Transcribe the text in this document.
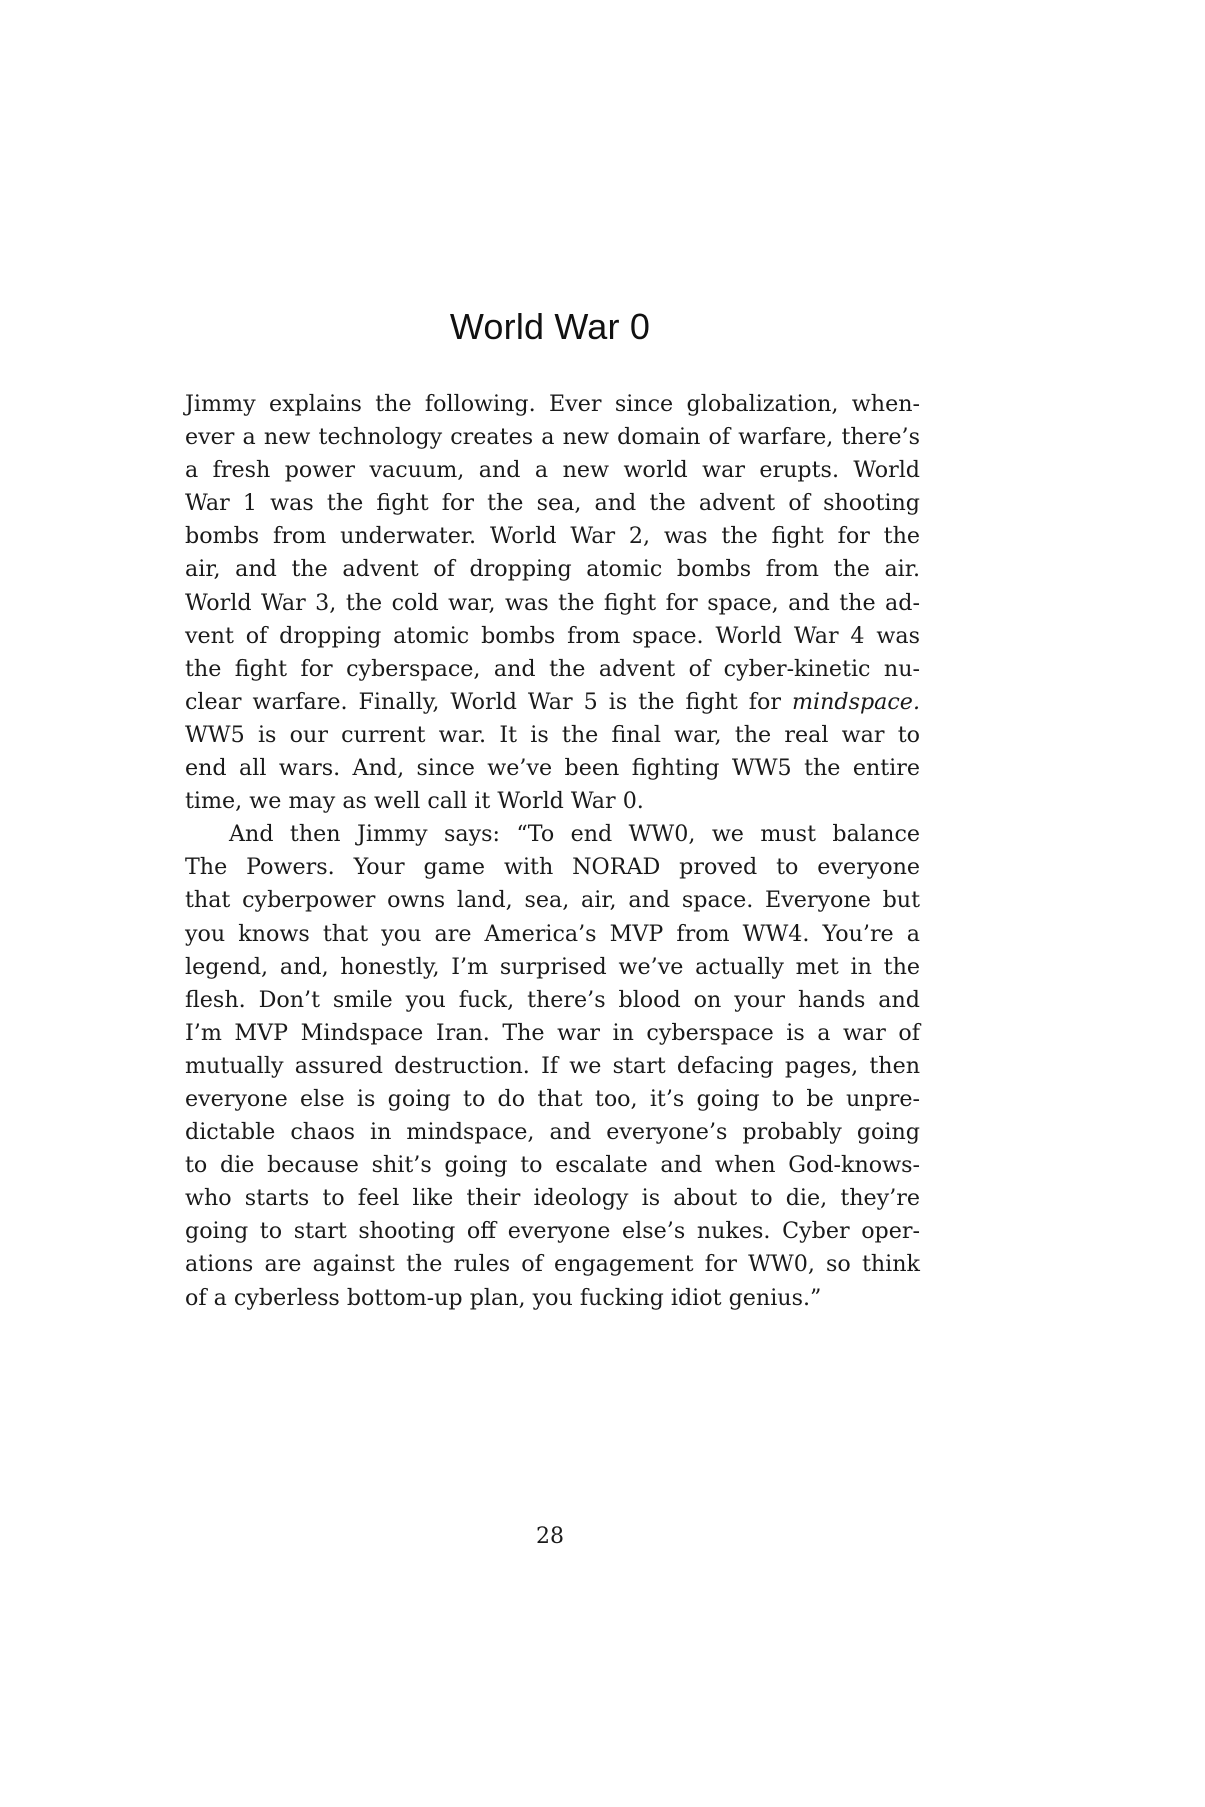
World War 0

Jimmy explains the following. Ever since globalization, when-
ever a new technology creates a new domain of warfare, there’s
a fresh power vacuum, and a new world war erupts. World
War 1 was the fight for the sea, and the advent of shooting
bombs from underwater. World War 2, was the fight for the
air, and the advent of dropping atomic bombs from the air.
World War 3, the cold war, was the fight for space, and the ad-
vent of dropping atomic bombs from space. World War 4 was
the fight for cyberspace, and the advent of cyber-kinetic nu-
clear warfare. Finally, World War 5 is the fight for mindspace.
WW5 is our current war. It is the final war, the real war to
end all wars. And, since we’ve been fighting WW5 the entire
time, we may as well call it World War 0.

And then Jimmy says: “To end WW0, we must balance
The Powers. Your game with NORAD proved to everyone
that cyberpower owns land, sea, air, and space. Everyone but
you knows that you are America’s MVP from WW4. You’re a
legend, and, honestly, I’m surprised we’ve actually met in the
flesh. Don’t smile you fuck, there’s blood on your hands and
I’m MVP Mindspace Iran. The war in cyberspace is a war of
mutually assured destruction. If we start defacing pages, then
everyone else is going to do that too, it’s going to be unpre-
dictable chaos in mindspace, and everyone’s probably going
to die because shit’s going to escalate and when God-knows-
who starts to feel like their ideology is about to die, they’re
going to start shooting off everyone else’s nukes. Cyber oper-
ations are against the rules of engagement for WW0, so think
of a cyberless bottom-up plan, you fucking idiot genius.”

28
